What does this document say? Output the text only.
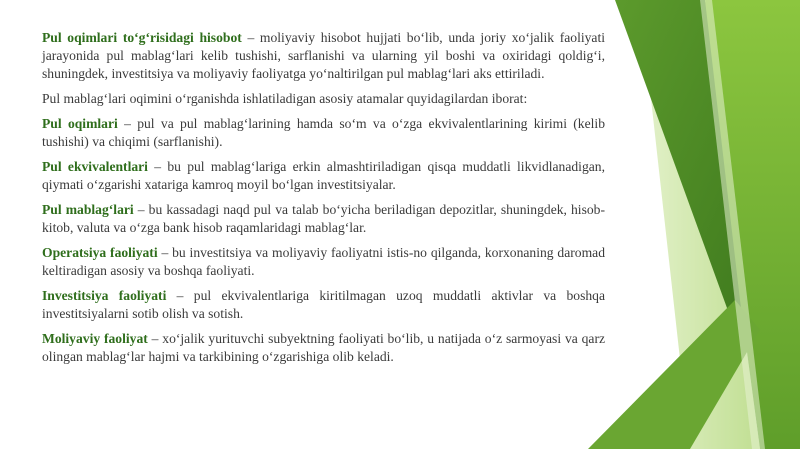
Pul oqimlari to‘g‘risidagi hisobot – moliyaviy hisobot hujjati bo‘lib, unda joriy xo‘jalik faoliyati jarayonida pul mablag‘lari kelib tushishi, sarflanishi va ularning yil boshi va oxiridagi qoldig‘i, shuningdek, investitsiya va moliyaviy faoliyatga yo‘naltirilgan pul mablag‘lari aks ettiriladi.

Pul mablag‘lari oqimini o‘rganishda ishlatiladigan asosiy atamalar quyidagilardan iborat:

Pul oqimlari – pul va pul mablag‘larining hamda so‘m va o‘zga ekvivalentlarining kirimi (kelib tushishi) va chiqimi (sarflanishi).

Pul ekvivalentlari – bu pul mablag‘lariga erkin almashtiriladigan qisqa muddatli likvidlanadigan, qiymati o‘zgarishi xatariga kamroq moyil bo‘lgan investitsiyalar.

Pul mablag‘lari – bu kassadagi naqd pul va talab bo‘yicha beriladigan depozitlar, shuningdek, hisob-kitob, valuta va o‘zga bank hisob raqamlaridagi mablag‘lar.

Operatsiya faoliyati – bu investitsiya va moliyaviy faoliyatni istis-no qilganda, korxonaning daromad keltiradigan asosiy va boshqa faoliyati.

Investitsiya faoliyati – pul ekvivalentlariga kiritilmagan uzoq muddatli aktivlar va boshqa investitsiyalarni sotib olish va sotish.

Moliyaviy faoliyat – xo‘jalik yurituvchi subyektning faoliyati bo‘lib, u natijada o‘z sarmoyasi va qarz olingan mablag‘lar hajmi va tarkibining o‘zgarishiga olib keladi.
